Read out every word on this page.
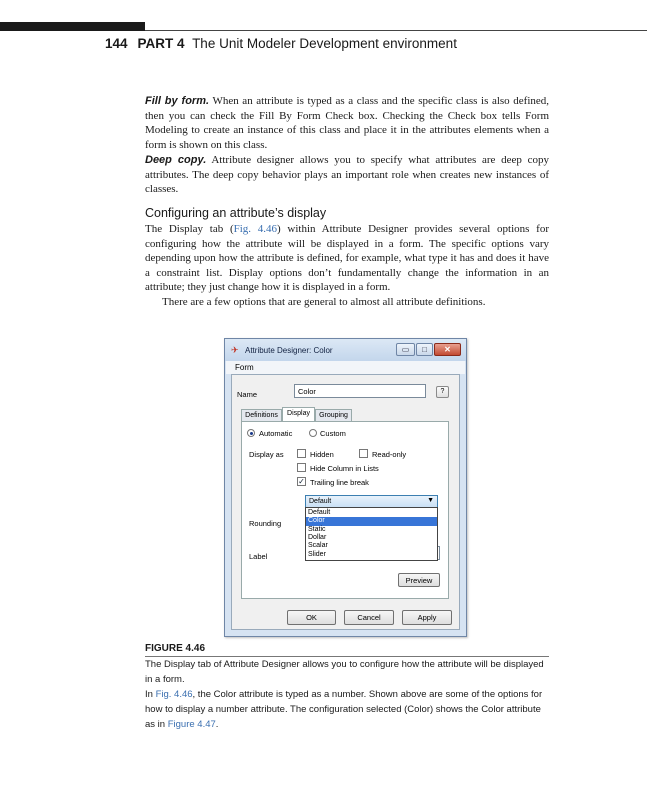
144 PART 4 The Unit Modeler Development environment
Fill by form. When an attribute is typed as a class and the specific class is also defined, then you can check the Fill By Form Check box. Checking the Check box tells Form Modeling to create an instance of this class and place it in the attributes elements when a form is shown on this class.
Deep copy. Attribute designer allows you to specify what attributes are deep copy attributes. The deep copy behavior plays an important role when creates new instances of classes.
Configuring an attribute’s display
The Display tab (Fig. 4.46) within Attribute Designer provides several options for configuring how the attribute will be displayed in a form. The specific options vary depending upon how the attribute is defined, for example, what type it has and does it have a constraint list. Display options don’t fundamentally change the information in an attribute; they just change how it is displayed in a form.
There are a few options that are general to almost all attribute definitions.
✈ Attribute Designer: Color	▭	□	✕
Form
Name	Color	?
Definitions	Display	Grouping
Automatic	Custom
Display as	Hidden	Read-only
Hide Column in Lists
✓ Trailing line break
Rounding
Label
Default	▼
Default
Color
Static
Dollar
Scalar
Slider
Preview
OK	Cancel	Apply
FIGURE 4.46
The Display tab of Attribute Designer allows you to configure how the attribute will be displayed in a form.
In Fig. 4.46, the Color attribute is typed as a number. Shown above are some of the options for how to display a number attribute. The configuration selected (Color) shows the Color attribute as in Figure 4.47.
